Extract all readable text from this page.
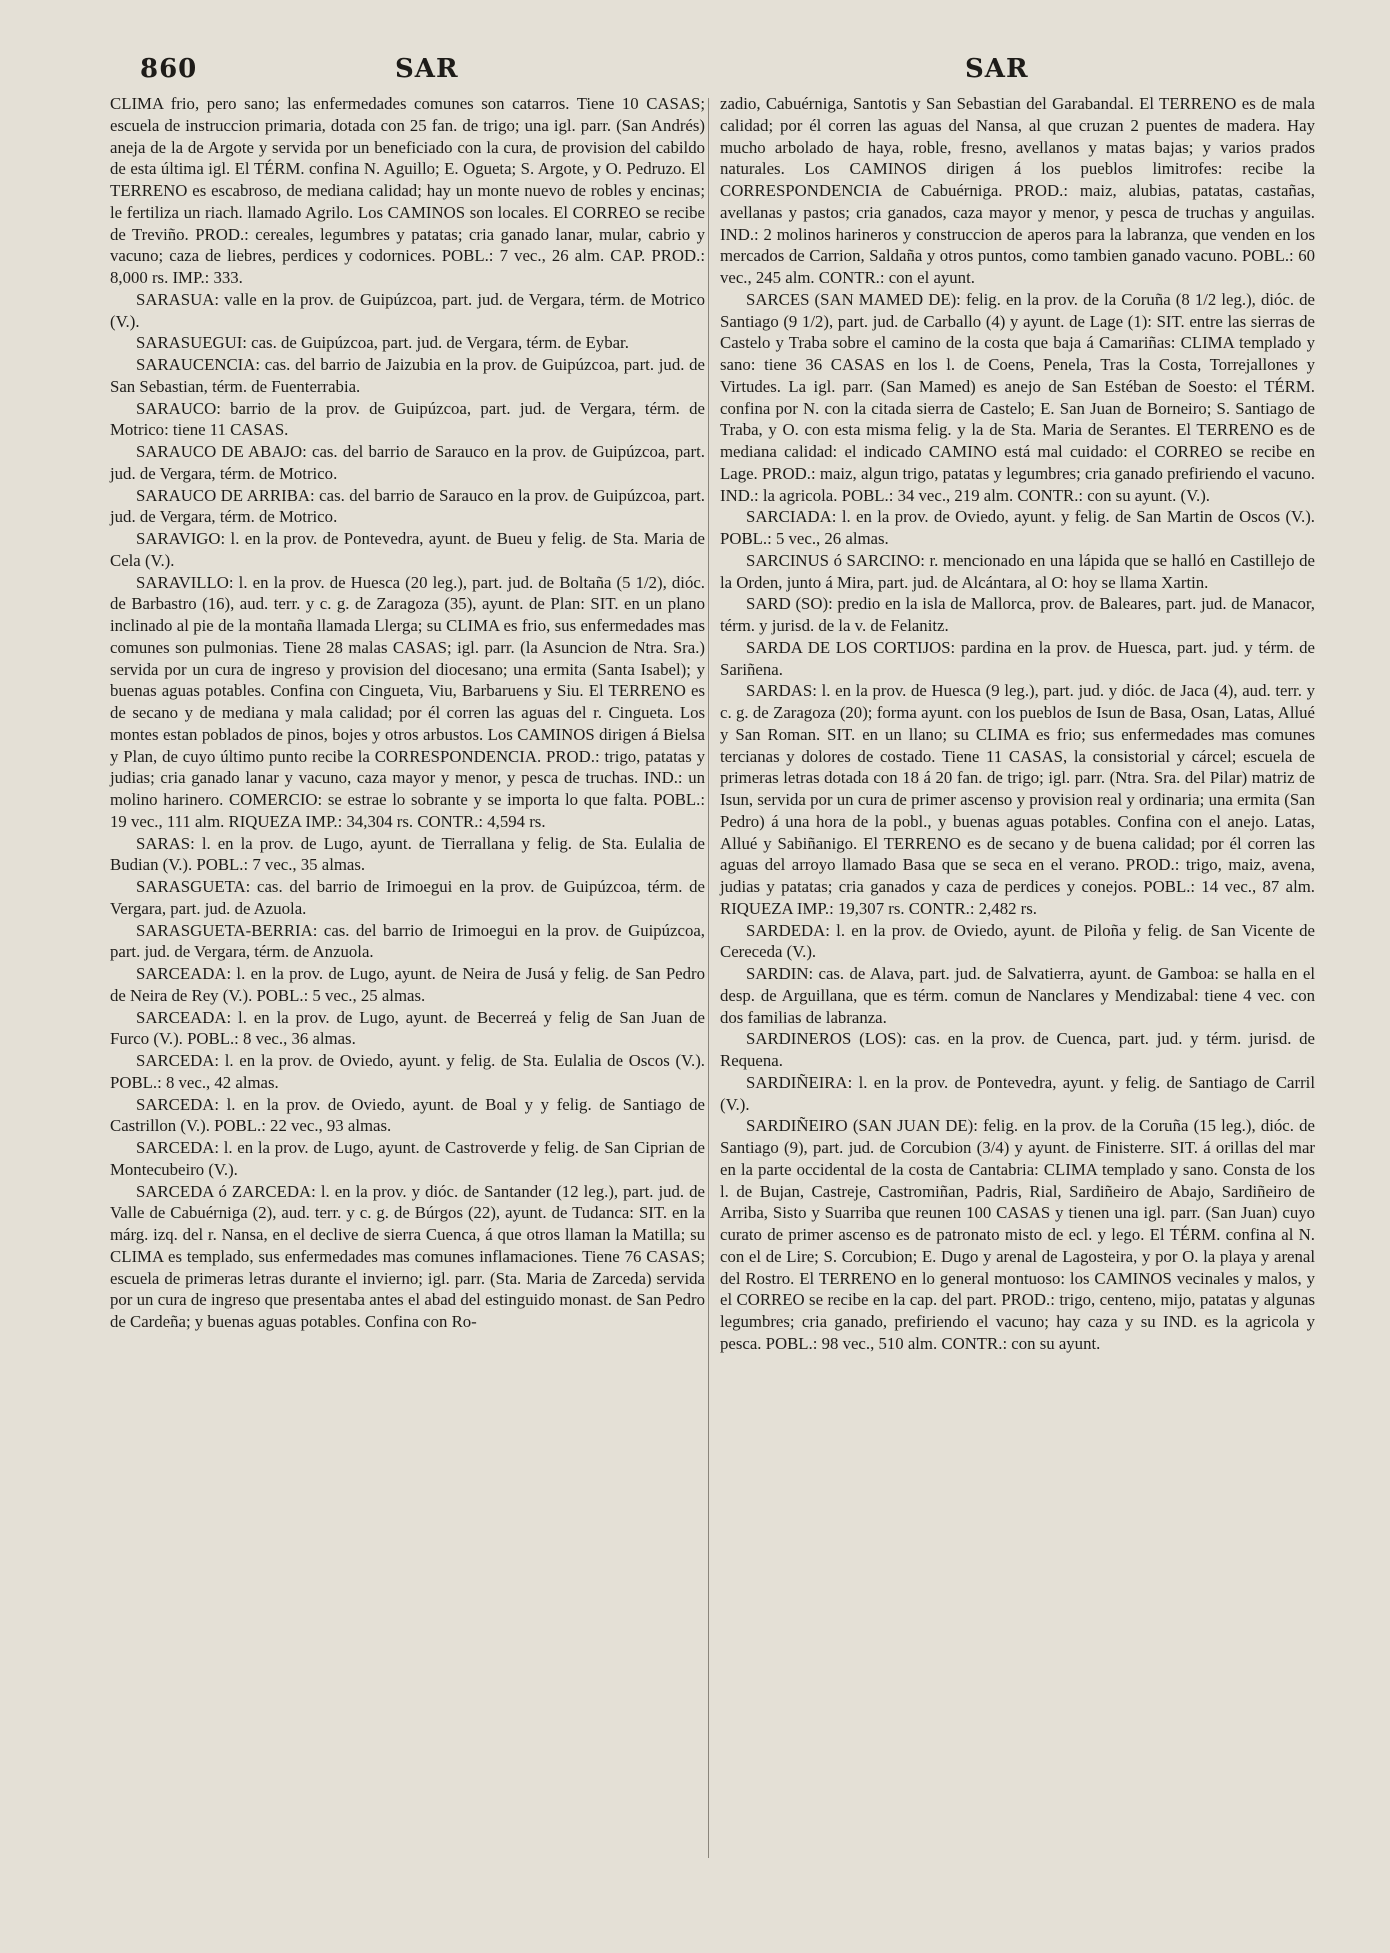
860	SAR	SAR

CLIMA frio, pero sano; las enfermedades comunes son catarros. Tiene 10 CASAS; escuela de instruccion primaria, dotada con 25 fan. de trigo; una igl. parr. (San Andrés) aneja de la de Argote y servida por un beneficiado con la cura, de provision del cabildo de esta última igl. El TÉRM. confina N. Aguillo; E. Ogueta; S. Argote, y O. Pedruzo. El TERRENO es escabroso, de mediana calidad; hay un monte nuevo de robles y encinas; le fertiliza un riach. llamado Agrilo. Los CAMINOS son locales. El CORREO se recibe de Treviño. PROD.: cereales, legumbres y patatas; cria ganado lanar, mular, cabrio y vacuno; caza de liebres, perdices y codornices. POBL.: 7 vec., 26 alm. CAP. PROD.: 8,000 rs. IMP.: 333.

SARASUA: valle en la prov. de Guipúzcoa, part. jud. de Vergara, térm. de Motrico (V.).

SARASUEGUI: cas. de Guipúzcoa, part. jud. de Vergara, térm. de Eybar.

SARAUCENCIA: cas. del barrio de Jaizubia en la prov. de Guipúzcoa, part. jud. de San Sebastian, térm. de Fuenterrabia.

SARAUCO: barrio de la prov. de Guipúzcoa, part. jud. de Vergara, térm. de Motrico: tiene 11 CASAS.

SARAUCO DE ABAJO: cas. del barrio de Sarauco en la prov. de Guipúzcoa, part. jud. de Vergara, térm. de Motrico.

SARAUCO DE ARRIBA: cas. del barrio de Sarauco en la prov. de Guipúzcoa, part. jud. de Vergara, térm. de Motrico.

SARAVIGO: l. en la prov. de Pontevedra, ayunt. de Bueu y felig. de Sta. Maria de Cela (V.).

SARAVILLO: l. en la prov. de Huesca (20 leg.), part. jud. de Boltaña (5 1/2), dióc. de Barbastro (16), aud. terr. y c. g. de Zaragoza (35), ayunt. de Plan: SIT. en un plano inclinado al pie de la montaña llamada Llerga; su CLIMA es frio, sus enfermedades mas comunes son pulmonias. Tiene 28 malas CASAS; igl. parr. (la Asuncion de Ntra. Sra.) servida por un cura de ingreso y provision del diocesano; una ermita (Santa Isabel); y buenas aguas potables. Confina con Cingueta, Viu, Barbaruens y Siu. El TERRENO es de secano y de mediana y mala calidad; por él corren las aguas del r. Cingueta. Los montes estan poblados de pinos, bojes y otros arbustos. Los CAMINOS dirigen á Bielsa y Plan, de cuyo último punto recibe la CORRESPONDENCIA. PROD.: trigo, patatas y judias; cria ganado lanar y vacuno, caza mayor y menor, y pesca de truchas. IND.: un molino harinero. COMERCIO: se estrae lo sobrante y se importa lo que falta. POBL.: 19 vec., 111 alm. RIQUEZA IMP.: 34,304 rs. CONTR.: 4,594 rs.

SARAS: l. en la prov. de Lugo, ayunt. de Tierrallana y felig. de Sta. Eulalia de Budian (V.). POBL.: 7 vec., 35 almas.

SARASGUETA: cas. del barrio de Irimoegui en la prov. de Guipúzcoa, térm. de Vergara, part. jud. de Azuola.

SARASGUETA-BERRIA: cas. del barrio de Irimoegui en la prov. de Guipúzcoa, part. jud. de Vergara, térm. de Anzuola.

SARCEADA: l. en la prov. de Lugo, ayunt. de Neira de Jusá y felig. de San Pedro de Neira de Rey (V.). POBL.: 5 vec., 25 almas.

SARCEADA: l. en la prov. de Lugo, ayunt. de Becerreá y felig de San Juan de Furco (V.). POBL.: 8 vec., 36 almas.

SARCEDA: l. en la prov. de Oviedo, ayunt. y felig. de Sta. Eulalia de Oscos (V.). POBL.: 8 vec., 42 almas.

SARCEDA: l. en la prov. de Oviedo, ayunt. de Boal y y felig. de Santiago de Castrillon (V.). POBL.: 22 vec., 93 almas.

SARCEDA: l. en la prov. de Lugo, ayunt. de Castroverde y felig. de San Ciprian de Montecubeiro (V.).

SARCEDA ó ZARCEDA: l. en la prov. y dióc. de Santander (12 leg.), part. jud. de Valle de Cabuérniga (2), aud. terr. y c. g. de Búrgos (22), ayunt. de Tudanca: SIT. en la márg. izq. del r. Nansa, en el declive de sierra Cuenca, á que otros llaman la Matilla; su CLIMA es templado, sus enfermedades mas comunes inflamaciones. Tiene 76 CASAS; escuela de primeras letras durante el invierno; igl. parr. (Sta. Maria de Zarceda) servida por un cura de ingreso que presentaba antes el abad del estinguido monast. de San Pedro de Cardeña; y buenas aguas potables. Confina con Ro-

zadio, Cabuérniga, Santotis y San Sebastian del Garabandal. El TERRENO es de mala calidad; por él corren las aguas del Nansa, al que cruzan 2 puentes de madera. Hay mucho arbolado de haya, roble, fresno, avellanos y matas bajas; y varios prados naturales. Los CAMINOS dirigen á los pueblos limitrofes: recibe la CORRESPONDENCIA de Cabuérniga. PROD.: maiz, alubias, patatas, castañas, avellanas y pastos; cria ganados, caza mayor y menor, y pesca de truchas y anguilas. IND.: 2 molinos harineros y construccion de aperos para la labranza, que venden en los mercados de Carrion, Saldaña y otros puntos, como tambien ganado vacuno. POBL.: 60 vec., 245 alm. CONTR.: con el ayunt.

SARCES (SAN MAMED DE): felig. en la prov. de la Coruña (8 1/2 leg.), dióc. de Santiago (9 1/2), part. jud. de Carballo (4) y ayunt. de Lage (1): SIT. entre las sierras de Castelo y Traba sobre el camino de la costa que baja á Camariñas: CLIMA templado y sano: tiene 36 CASAS en los l. de Coens, Penela, Tras la Costa, Torrejallones y Virtudes. La igl. parr. (San Mamed) es anejo de San Estéban de Soesto: el TÉRM. confina por N. con la citada sierra de Castelo; E. San Juan de Borneiro; S. Santiago de Traba, y O. con esta misma felig. y la de Sta. Maria de Serantes. El TERRENO es de mediana calidad: el indicado CAMINO está mal cuidado: el CORREO se recibe en Lage. PROD.: maiz, algun trigo, patatas y legumbres; cria ganado prefiriendo el vacuno. IND.: la agricola. POBL.: 34 vec., 219 alm. CONTR.: con su ayunt. (V.).

SARCIADA: l. en la prov. de Oviedo, ayunt. y felig. de San Martin de Oscos (V.). POBL.: 5 vec., 26 almas.

SARCINUS ó SARCINO: r. mencionado en una lápida que se halló en Castillejo de la Orden, junto á Mira, part. jud. de Alcántara, al O: hoy se llama Xartin.

SARD (SO): predio en la isla de Mallorca, prov. de Baleares, part. jud. de Manacor, térm. y jurisd. de la v. de Felanitz.

SARDA DE LOS CORTIJOS: pardina en la prov. de Huesca, part. jud. y térm. de Sariñena.

SARDAS: l. en la prov. de Huesca (9 leg.), part. jud. y dióc. de Jaca (4), aud. terr. y c. g. de Zaragoza (20); forma ayunt. con los pueblos de Isun de Basa, Osan, Latas, Allué y San Roman. SIT. en un llano; su CLIMA es frio; sus enfermedades mas comunes tercianas y dolores de costado. Tiene 11 CASAS, la consistorial y cárcel; escuela de primeras letras dotada con 18 á 20 fan. de trigo; igl. parr. (Ntra. Sra. del Pilar) matriz de Isun, servida por un cura de primer ascenso y provision real y ordinaria; una ermita (San Pedro) á una hora de la pobl., y buenas aguas potables. Confina con el anejo. Latas, Allué y Sabiñanigo. El TERRENO es de secano y de buena calidad; por él corren las aguas del arroyo llamado Basa que se seca en el verano. PROD.: trigo, maiz, avena, judias y patatas; cria ganados y caza de perdices y conejos. POBL.: 14 vec., 87 alm. RIQUEZA IMP.: 19,307 rs. CONTR.: 2,482 rs.

SARDEDA: l. en la prov. de Oviedo, ayunt. de Piloña y felig. de San Vicente de Cereceda (V.).

SARDIN: cas. de Alava, part. jud. de Salvatierra, ayunt. de Gamboa: se halla en el desp. de Arguillana, que es térm. comun de Nanclares y Mendizabal: tiene 4 vec. con dos familias de labranza.

SARDINEROS (LOS): cas. en la prov. de Cuenca, part. jud. y térm. jurisd. de Requena.

SARDIÑEIRA: l. en la prov. de Pontevedra, ayunt. y felig. de Santiago de Carril (V.).

SARDIÑEIRO (SAN JUAN DE): felig. en la prov. de la Coruña (15 leg.), dióc. de Santiago (9), part. jud. de Corcubion (3/4) y ayunt. de Finisterre. SIT. á orillas del mar en la parte occidental de la costa de Cantabria: CLIMA templado y sano. Consta de los l. de Bujan, Castreje, Castromiñan, Padris, Rial, Sardiñeiro de Abajo, Sardiñeiro de Arriba, Sisto y Suarriba que reunen 100 CASAS y tienen una igl. parr. (San Juan) cuyo curato de primer ascenso es de patronato misto de ecl. y lego. El TÉRM. confina al N. con el de Lire; S. Corcubion; E. Dugo y arenal de Lagosteira, y por O. la playa y arenal del Rostro. El TERRENO en lo general montuoso: los CAMINOS vecinales y malos, y el CORREO se recibe en la cap. del part. PROD.: trigo, centeno, mijo, patatas y algunas legumbres; cria ganado, prefiriendo el vacuno; hay caza y su IND. es la agricola y pesca. POBL.: 98 vec., 510 alm. CONTR.: con su ayunt.
